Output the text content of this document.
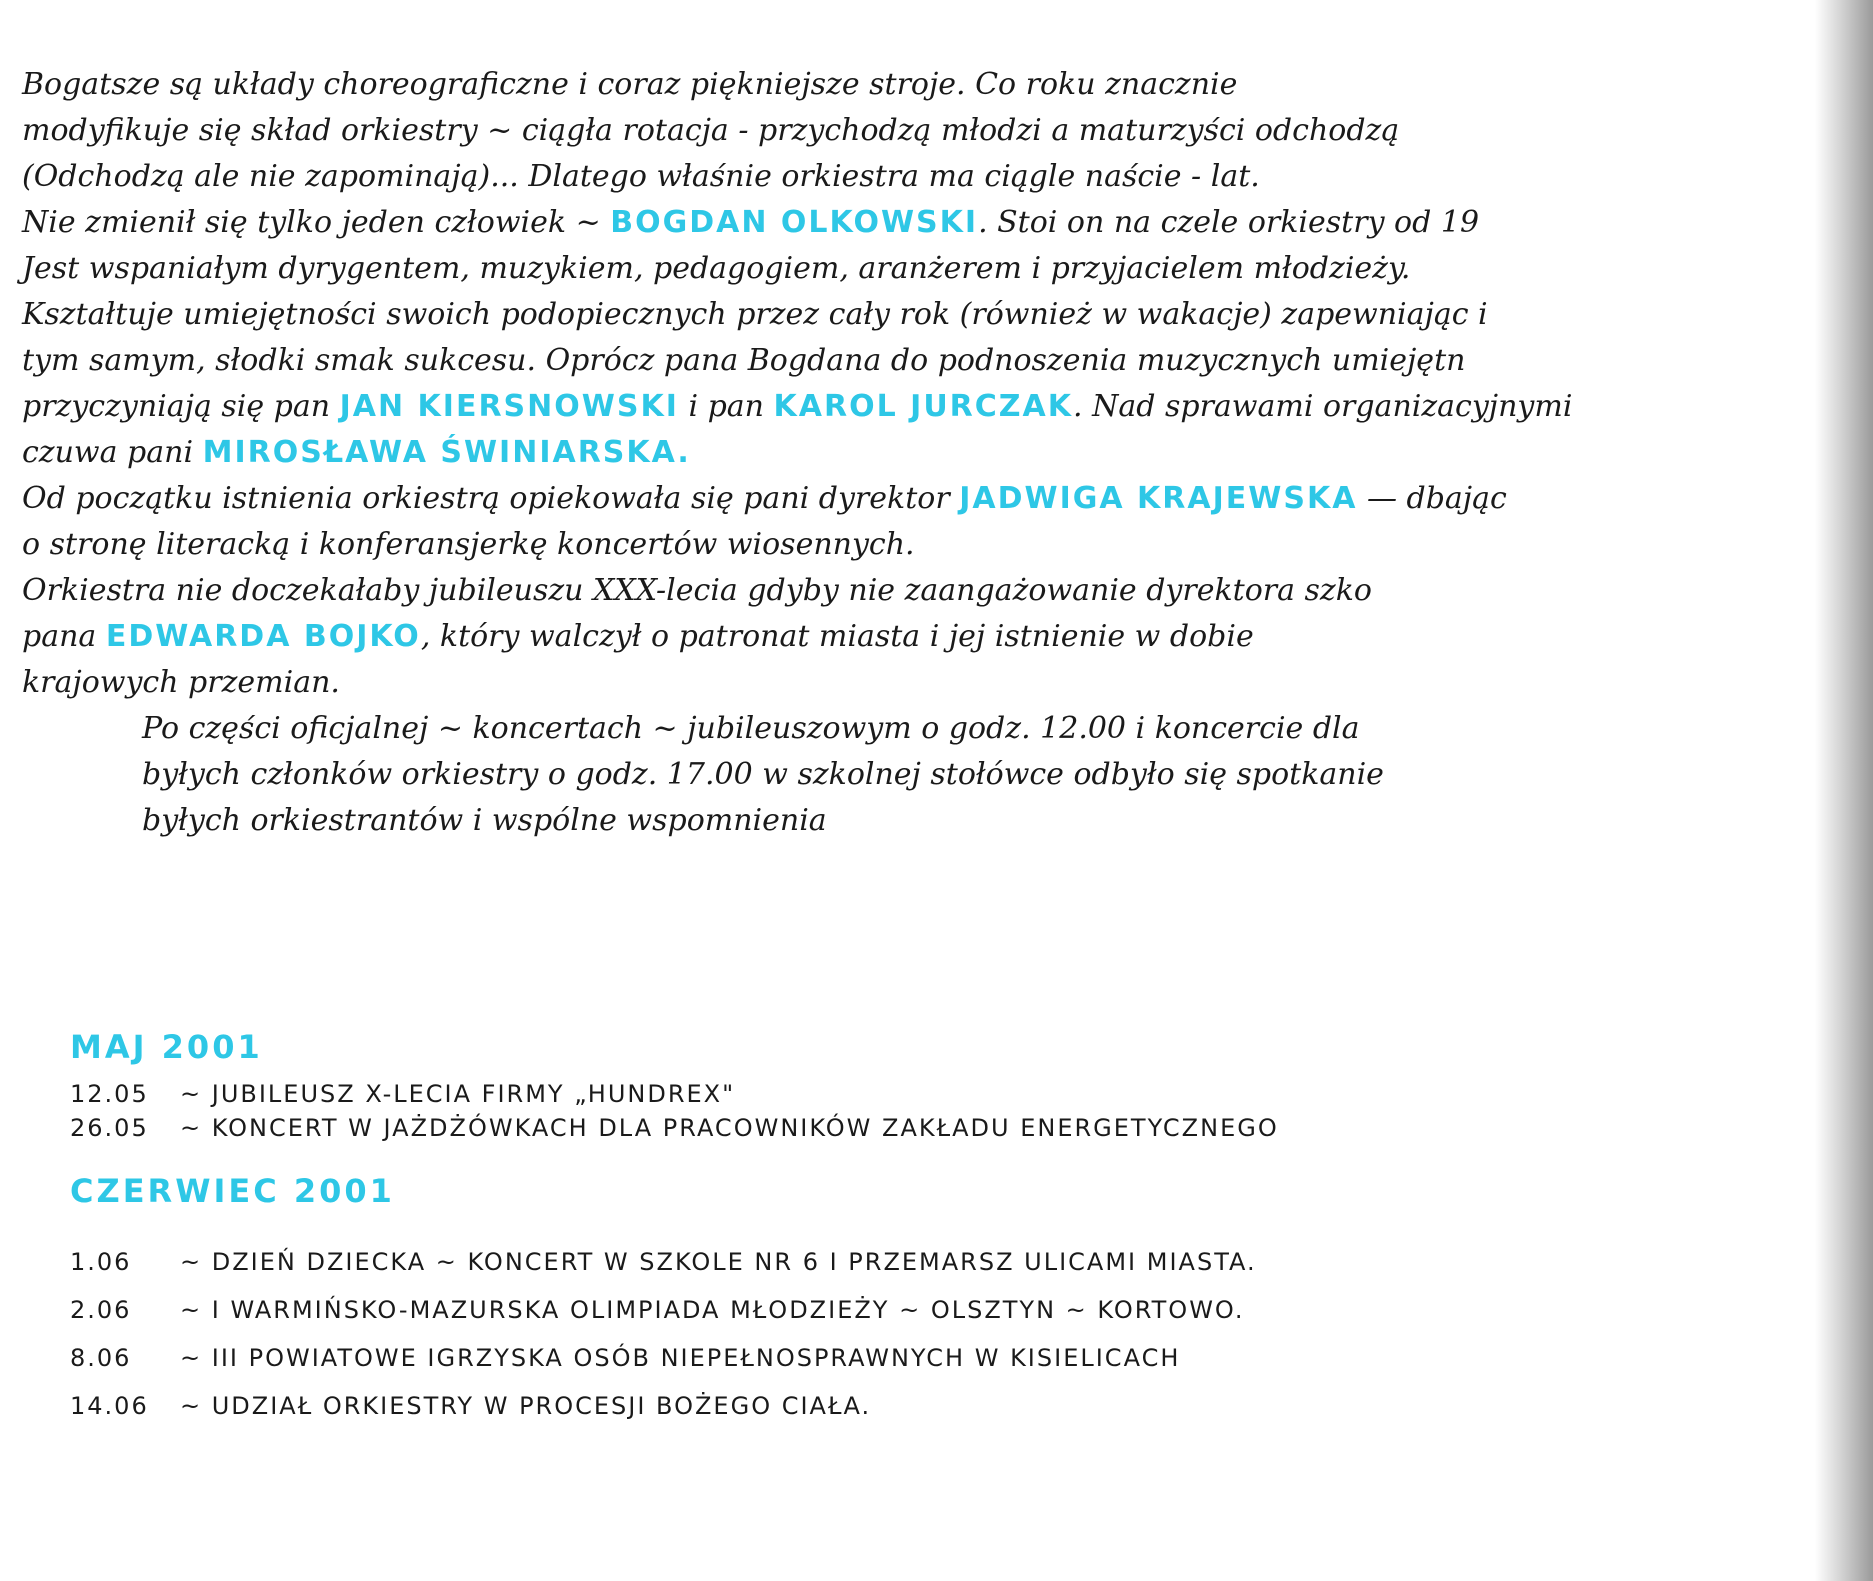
Bogatsze są układy choreograficzne i coraz piękniejsze stroje. Co roku znacznie
modyfikuje się skład orkiestry ~ ciągła rotacja - przychodzą młodzi a maturzyści odchodzą
(Odchodzą ale nie zapominają)... Dlatego właśnie orkiestra ma ciągle naście - lat.
Nie zmienił się tylko jeden człowiek ~ BOGDAN OLKOWSKI. Stoi on na czele orkiestry od 19
Jest wspaniałym dyrygentem, muzykiem, pedagogiem, aranżerem i przyjacielem młodzieży.
Kształtuje umiejętności swoich podopiecznych przez cały rok (również w wakacje) zapewniając i
tym samym, słodki smak sukcesu. Oprócz pana Bogdana do podnoszenia muzycznych umiejętn
przyczyniają się pan JAN KIERSNOWSKI i pan KAROL JURCZAK. Nad sprawami organizacyjnymi
czuwa pani MIROSŁAWA ŚWINIARSKA.
Od początku istnienia orkiestrą opiekowała się pani dyrektor JADWIGA KRAJEWSKA — dbając
o stronę literacką i konferansjerkę koncertów wiosennych.
Orkiestra nie doczekałaby jubileuszu XXX-lecia gdyby nie zaangażowanie dyrektora szko
pana EDWARDA BOJKO, który walczył o patronat miasta i jej istnienie w dobie
krajowych przemian.
Po części oficjalnej ~ koncertach ~ jubileuszowym o godz. 12.00 i koncercie dla
byłych członków orkiestry o godz. 17.00 w szkolnej stołówce odbyło się spotkanie
byłych orkiestrantów i wspólne wspomnienia
MAJ 2001
12.05 ~ JUBILEUSZ X-LECIA FIRMY „HUNDREX"
26.05 ~ KONCERT W JAŻDŻÓWKACH DLA PRACOWNIKÓW ZAKŁADU ENERGETYCZNEGO
CZERWIEC 2001
1.06 ~ DZIEŃ DZIECKA ~ KONCERT W SZKOLE NR 6 I PRZEMARSZ ULICAMI MIASTA.
2.06 ~ I WARMIŃSKO-MAZURSKA OLIMPIADA MŁODZIEŻY ~ OLSZTYN ~ KORTOWO.
8.06 ~ III POWIATOWE IGRZYSKA OSÓB NIEPEŁNOSPRAWNYCH W KISIELICACH
14.06 ~ UDZIAŁ ORKIESTRY W PROCESJI BOŻEGO CIAŁA.
